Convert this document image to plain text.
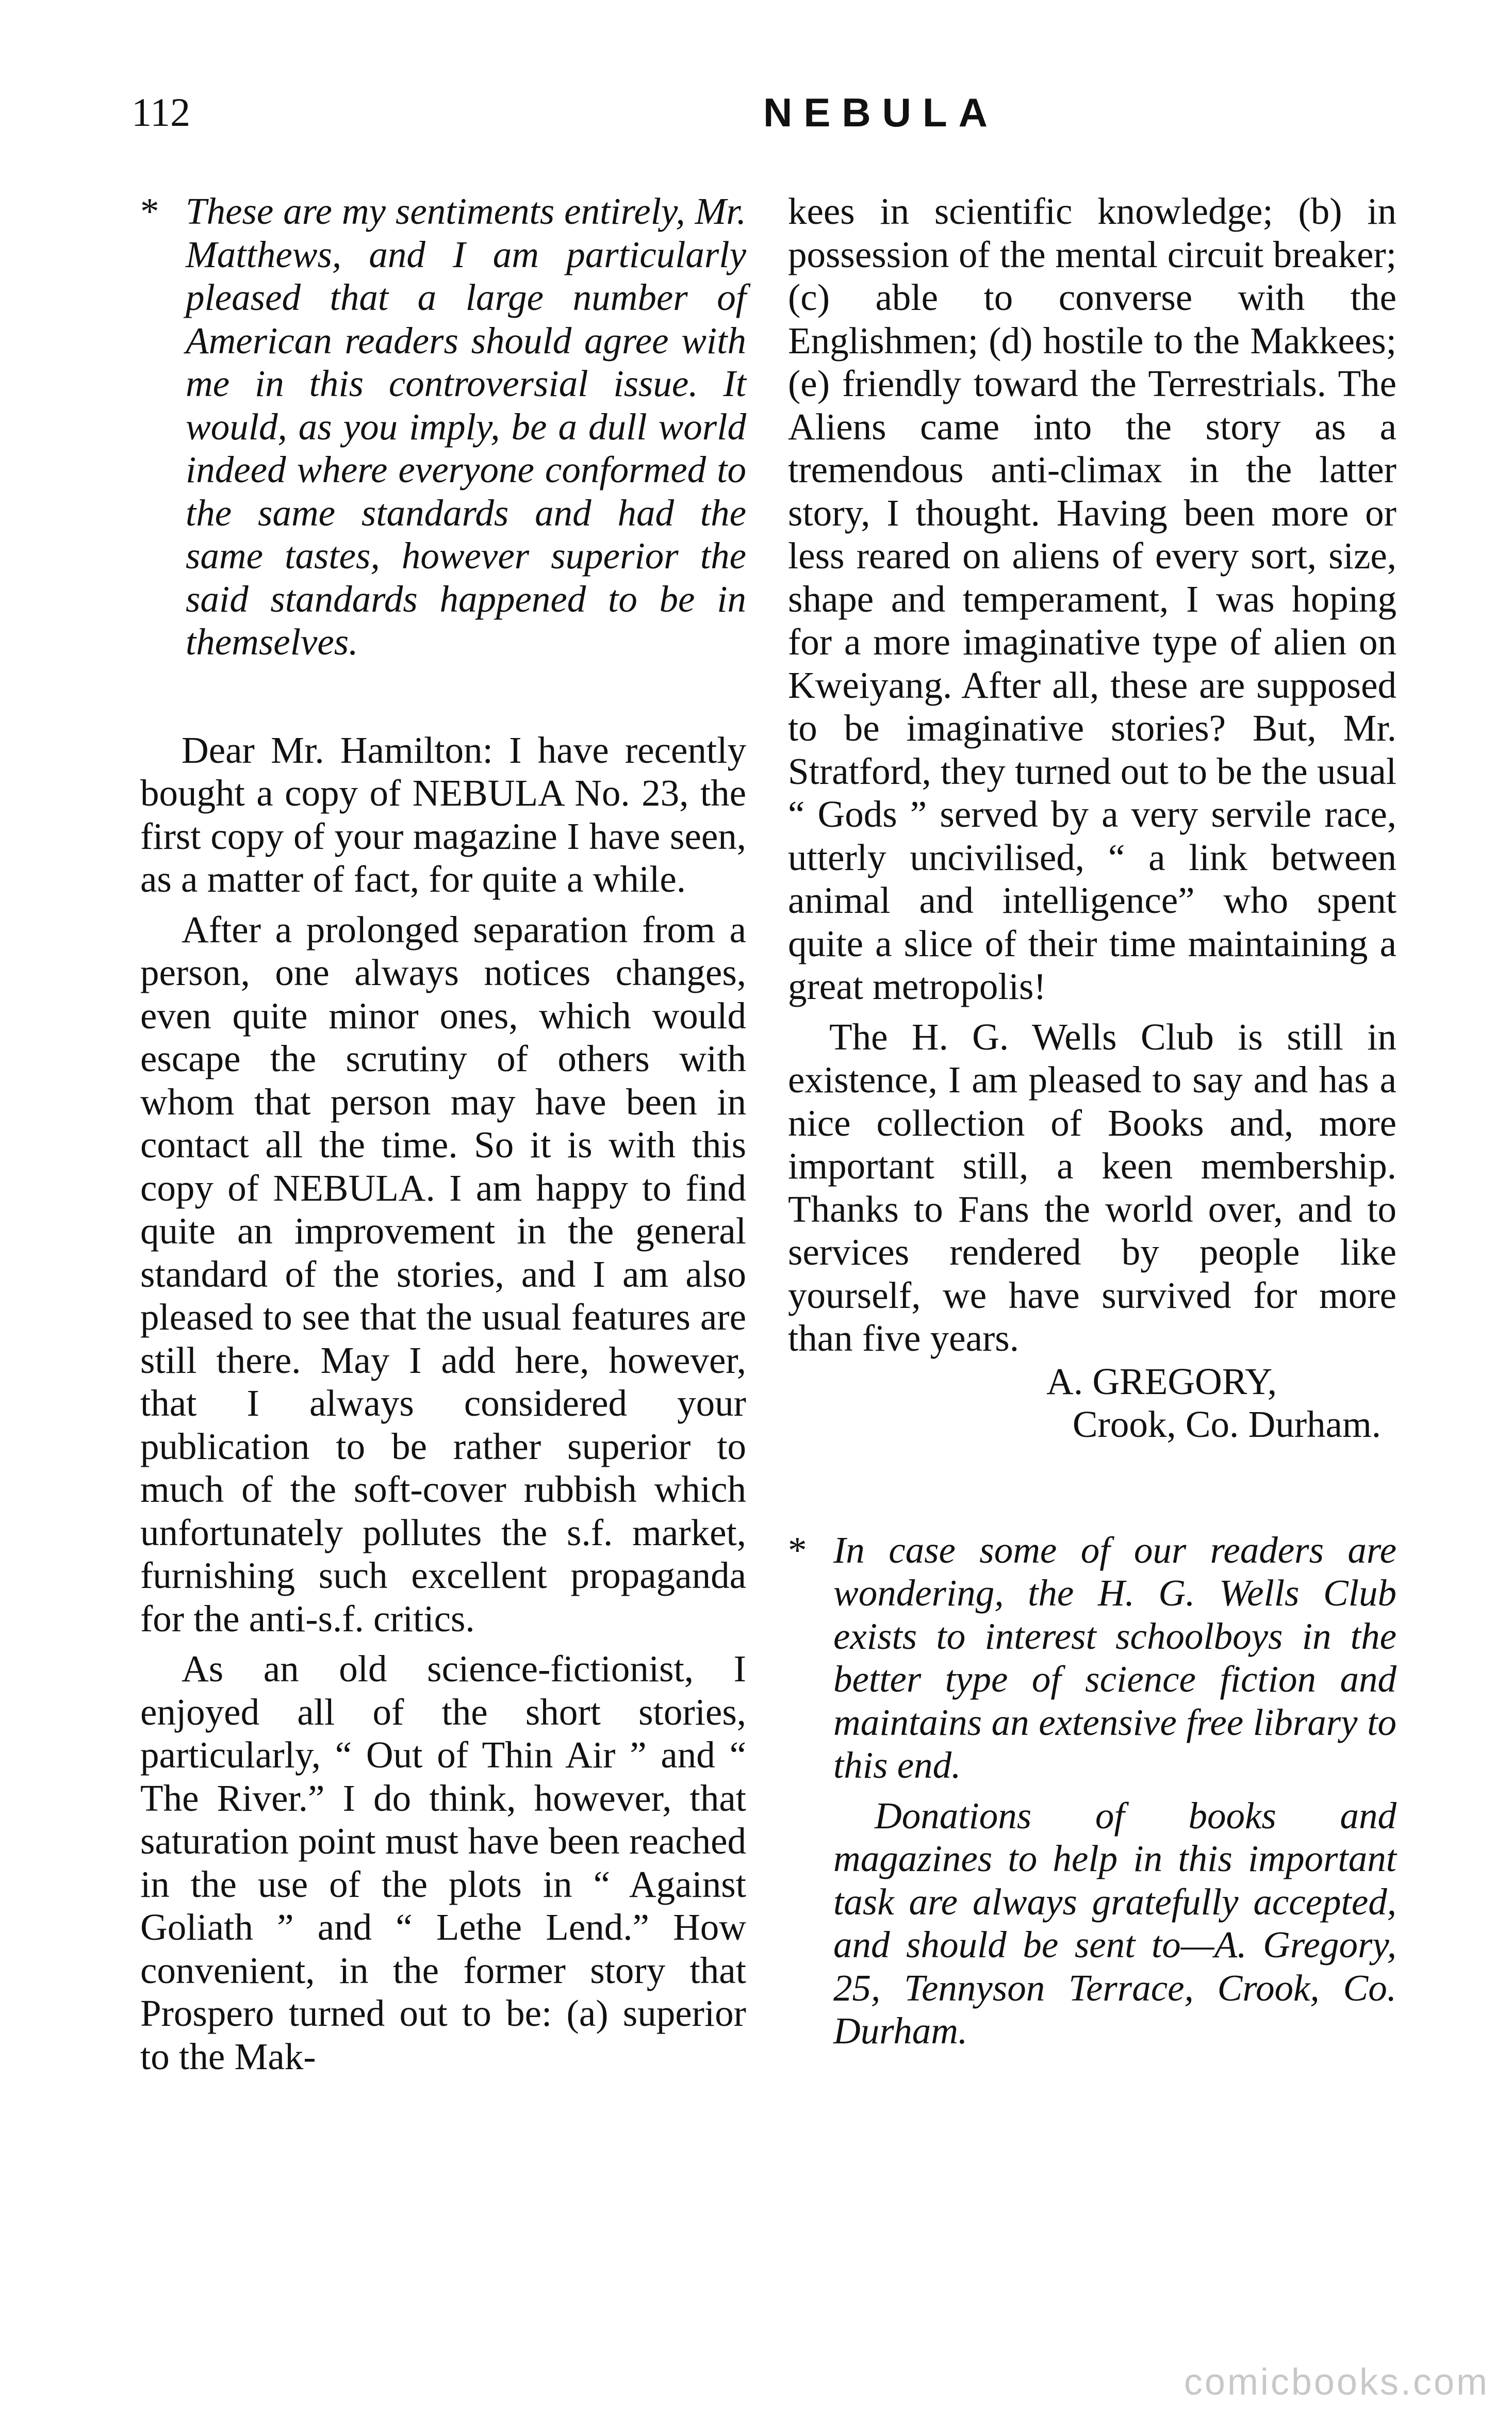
112	NEBULA
* These are my sentiments entirely, Mr. Matthews, and I am particularly pleased that a large number of American readers should agree with me in this controversial issue. It would, as you imply, be a dull world indeed where everyone conformed to the same standards and had the same tastes, however superior the said standards happened to be in themselves.

Dear Mr. Hamilton: I have recently bought a copy of NEBULA No. 23, the first copy of your magazine I have seen, as a matter of fact, for quite a while.

After a prolonged separation from a person, one always notices changes, even quite minor ones, which would escape the scrutiny of others with whom that person may have been in contact all the time. So it is with this copy of NEBULA. I am happy to find quite an improvement in the general standard of the stories, and I am also pleased to see that the usual features are still there. May I add here, however, that I always considered your publication to be rather superior to much of the soft-cover rubbish which unfortunately pollutes the s.f. market, furnishing such excellent propaganda for the anti-s.f. critics.

As an old science-fictionist, I enjoyed all of the short stories, particularly, “ Out of Thin Air ” and “ The River.” I do think, however, that saturation point must have been reached in the use of the plots in “ Against Goliath ” and “ Lethe Lend.” How convenient, in the former story that Prospero turned out to be: (a) superior to the Mak-

kees in scientific knowledge; (b) in possession of the mental circuit breaker; (c) able to converse with the Englishmen; (d) hostile to the Makkees; (e) friendly toward the Terrestrials. The Aliens came into the story as a tremendous anti-climax in the latter story, I thought. Having been more or less reared on aliens of every sort, size, shape and temperament, I was hoping for a more imaginative type of alien on Kweiyang. After all, these are supposed to be imaginative stories? But, Mr. Stratford, they turned out to be the usual “ Gods ” served by a very servile race, utterly uncivilised, “ a link between animal and intelligence” who spent quite a slice of their time maintaining a great metropolis!

The H. G. Wells Club is still in existence, I am pleased to say and has a nice collection of Books and, more important still, a keen membership. Thanks to Fans the world over, and to services rendered by people like yourself, we have survived for more than five years.

A. GREGORY,

Crook, Co. Durham.

* In case some of our readers are wondering, the H. G. Wells Club exists to interest schoolboys in the better type of science fiction and maintains an extensive free library to this end.

Donations of books and magazines to help in this important task are always gratefully accepted, and should be sent to—A. Gregory, 25, Tennyson Terrace, Crook, Co. Durham.

comicbooks.com
